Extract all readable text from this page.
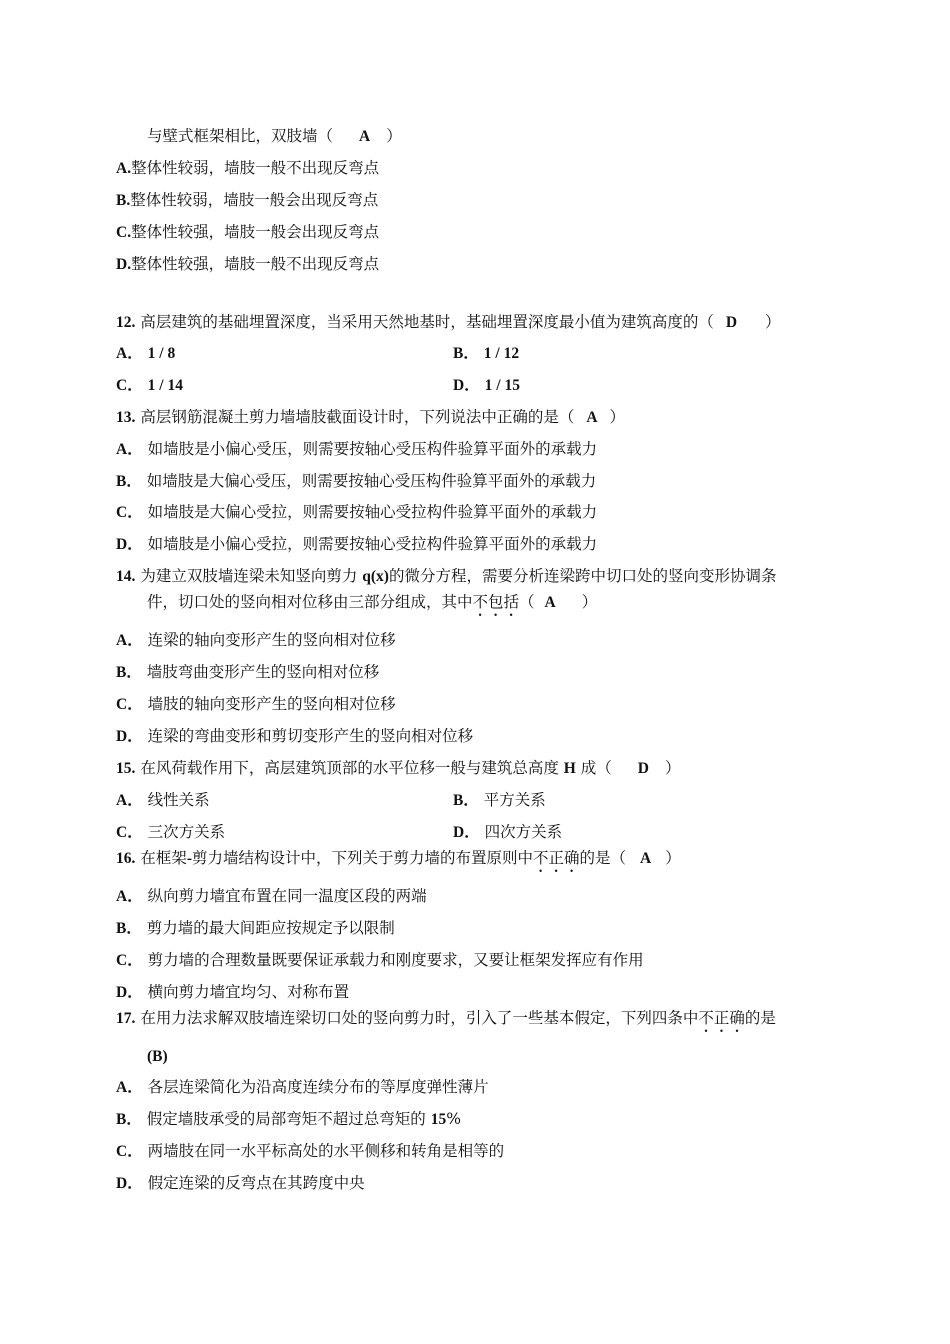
与壁式框架相比，双肢墙（ A ）
A.整体性较弱，墙肢一般不出现反弯点
B.整体性较弱，墙肢一般会出现反弯点
C.整体性较强，墙肢一般会出现反弯点
D.整体性较强，墙肢一般不出现反弯点
12. 高层建筑的基础埋置深度，当采用天然地基时，基础埋置深度最小值为建筑高度的（ D ）
A． 1 / 8	B． 1 / 12
C． 1 / 14	D． 1 / 15
13. 高层钢筋混凝土剪力墙墙肢截面设计时，下列说法中正确的是（ A ）
A． 如墙肢是小偏心受压，则需要按轴心受压构件验算平面外的承载力
B． 如墙肢是大偏心受压，则需要按轴心受压构件验算平面外的承载力
C． 如墙肢是大偏心受拉，则需要按轴心受拉构件验算平面外的承载力
D． 如墙肢是小偏心受拉，则需要按轴心受拉构件验算平面外的承载力
14. 为建立双肢墙连梁未知竖向剪力 q(x)的微分方程，需要分析连梁跨中切口处的竖向变形协调条
件，切口处的竖向相对位移由三部分组成，其中不包括（ A ）
A． 连梁的轴向变形产生的竖向相对位移
B． 墙肢弯曲变形产生的竖向相对位移
C． 墙肢的轴向变形产生的竖向相对位移
D． 连梁的弯曲变形和剪切变形产生的竖向相对位移
15. 在风荷载作用下，高层建筑顶部的水平位移一般与建筑总高度 H 成（ D ）
A． 线性关系	B． 平方关系
C． 三次方关系	D． 四次方关系
16. 在框架-剪力墙结构设计中，下列关于剪力墙的布置原则中不正确的是（ A ）
A． 纵向剪力墙宜布置在同一温度区段的两端
B． 剪力墙的最大间距应按规定予以限制
C． 剪力墙的合理数量既要保证承载力和刚度要求，又要让框架发挥应有作用
D． 横向剪力墙宜均匀、对称布置
17. 在用力法求解双肢墙连梁切口处的竖向剪力时，引入了一些基本假定，下列四条中不正确的是
(B)
A． 各层连梁简化为沿高度连续分布的等厚度弹性薄片
B． 假定墙肢承受的局部弯矩不超过总弯矩的 15%
C． 两墙肢在同一水平标高处的水平侧移和转角是相等的
D． 假定连梁的反弯点在其跨度中央
